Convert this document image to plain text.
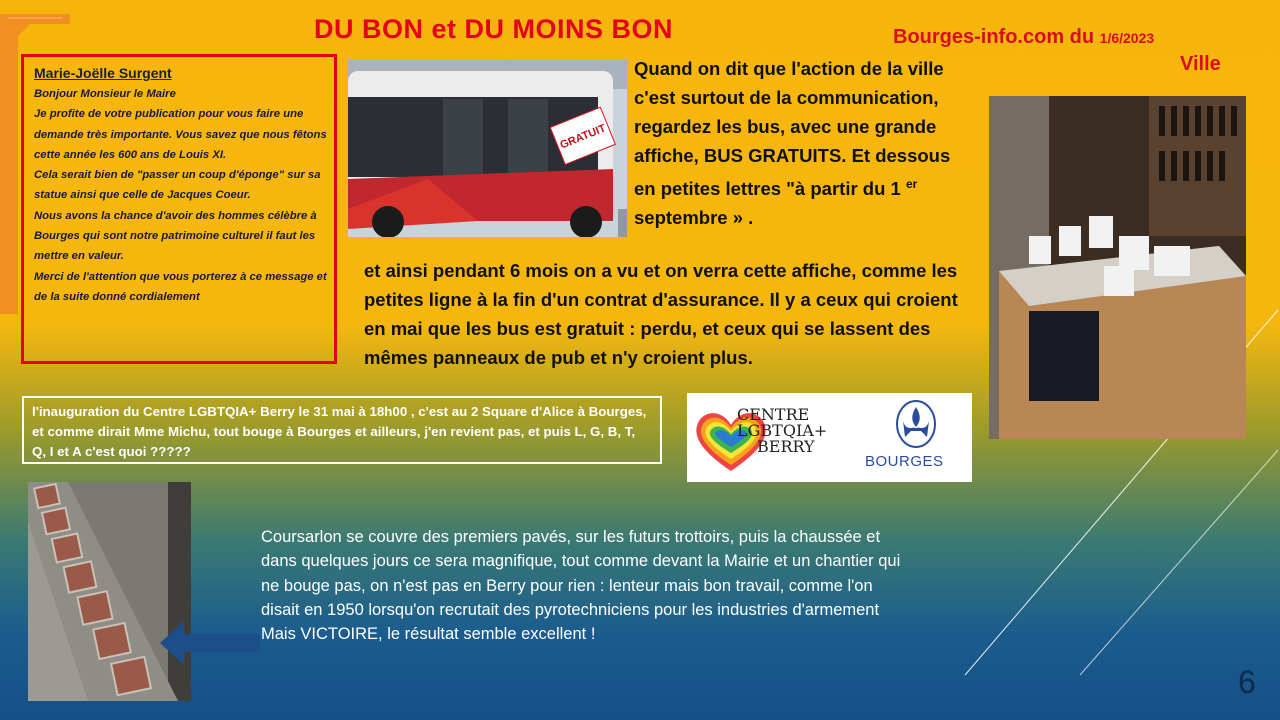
DU BON et DU MOINS BON	Bourges-info.com du 1/6/2023
Ville
Marie-Joëlle Surgent
Bonjour Monsieur le Maire
Je profite de votre publication pour vous faire une demande très importante. Vous savez que nous fêtons cette année les 600 ans de Louis XI.
Cela serait bien de "passer un coup d'éponge" sur sa statue ainsi que celle de Jacques Coeur.
Nous avons la chance d'avoir des hommes célèbre à Bourges qui sont notre patrimoine culturel il faut les mettre en valeur.
Merci de l'attention que vous porterez à ce message et de la suite donné cordialement
GRATUIT
Quand on dit que l'action de la ville c'est surtout de la communication, regardez les bus, avec une grande affiche, BUS GRATUITS. Et dessous en petites lettres "à partir du 1 $^{er}$ septembre » .
et ainsi pendant 6 mois on a vu et on verra cette affiche, comme les petites ligne à la fin d'un contrat d'assurance. Il y a ceux qui croient en mai que les bus est gratuit : perdu, et ceux qui se lassent des mêmes panneaux de pub et n'y croient plus.
l'inauguration du Centre LGBTQIA+ Berry le 31 mai à 18h00 , c'est au 2 Square d'Alice à Bourges, et comme dirait Mme Michu, tout bouge à Bourges et ailleurs, j'en revient pas, et puis L, G, B, T, Q, I et A c'est quoi ?????
CENTRE
LGBTQIA+
BERRY
BOURGES
Coursarlon se couvre des premiers pavés, sur les futurs trottoirs, puis la chaussée et dans quelques jours ce sera magnifique, tout comme devant la Mairie et un chantier qui ne bouge pas, on n'est pas en Berry pour rien : lenteur mais bon travail, comme l'on disait en 1950 lorsqu'on recrutait des pyrotechniciens pour les industries d'armement Mais VICTOIRE, le résultat semble excellent !
6
